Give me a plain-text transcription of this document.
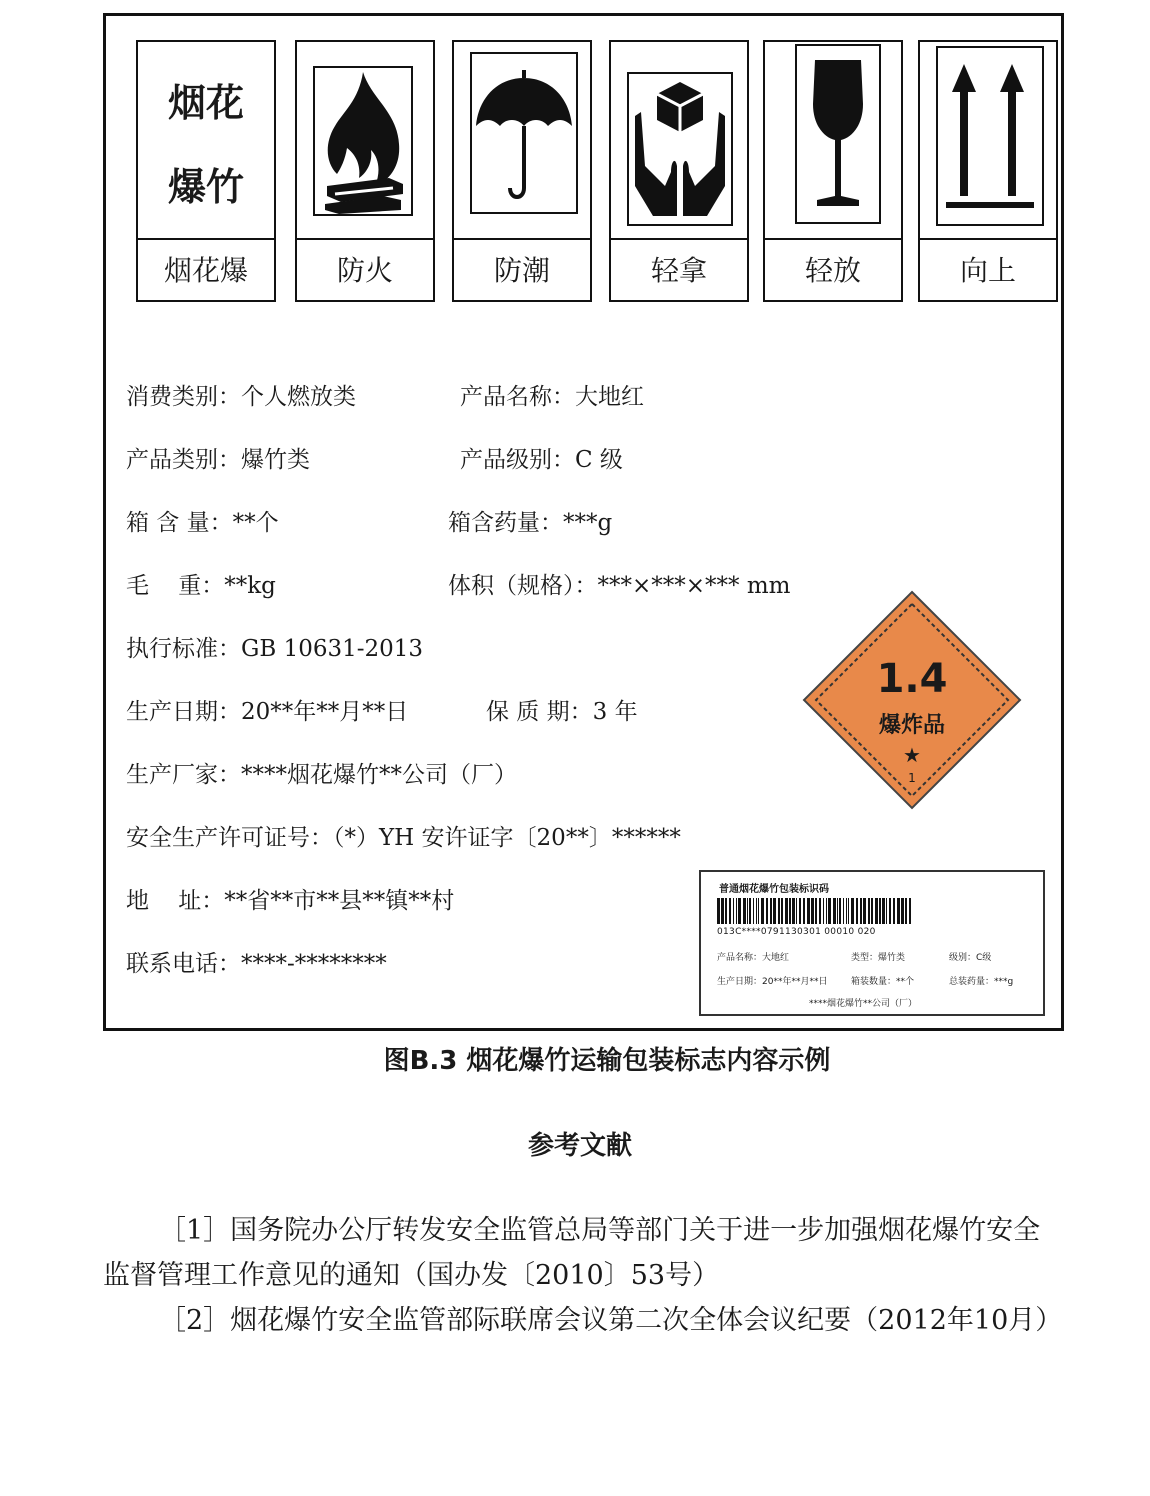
烟花
爆竹
烟花爆	防火	防潮	轻拿	轻放	向上
消费类别：个人燃放类	产品名称：大地红
产品类别：爆竹类	产品级别：C 级
箱 含 量：**个	箱含药量：***g
毛    重：**kg	体积（规格）：***×***×*** mm
执行标准：GB 10631-2013
生产日期：20**年**月**日	保 质 期：3 年
生产厂家：****烟花爆竹**公司（厂）
安全生产许可证号：（*）YH 安许证字〔20**〕******
地    址：**省**市**县**镇**村
联系电话：****-********
1.4
爆炸品
★
1
普通烟花爆竹包装标识码
013C****0791130301 00010 020
产品名称：大地红	类型：爆竹类	级别：C级
生产日期：20**年**月**日	箱装数量：**个	总装药量：***g
****烟花爆竹**公司（厂）
图B.3 烟花爆竹运输包装标志内容示例
参考文献

［1］国务院办公厅转发安全监管总局等部门关于进一步加强烟花爆竹安全监督管理工作意见的通知（国办发〔2010〕53号）

［2］烟花爆竹安全监管部际联席会议第二次全体会议纪要（2012年10月）
